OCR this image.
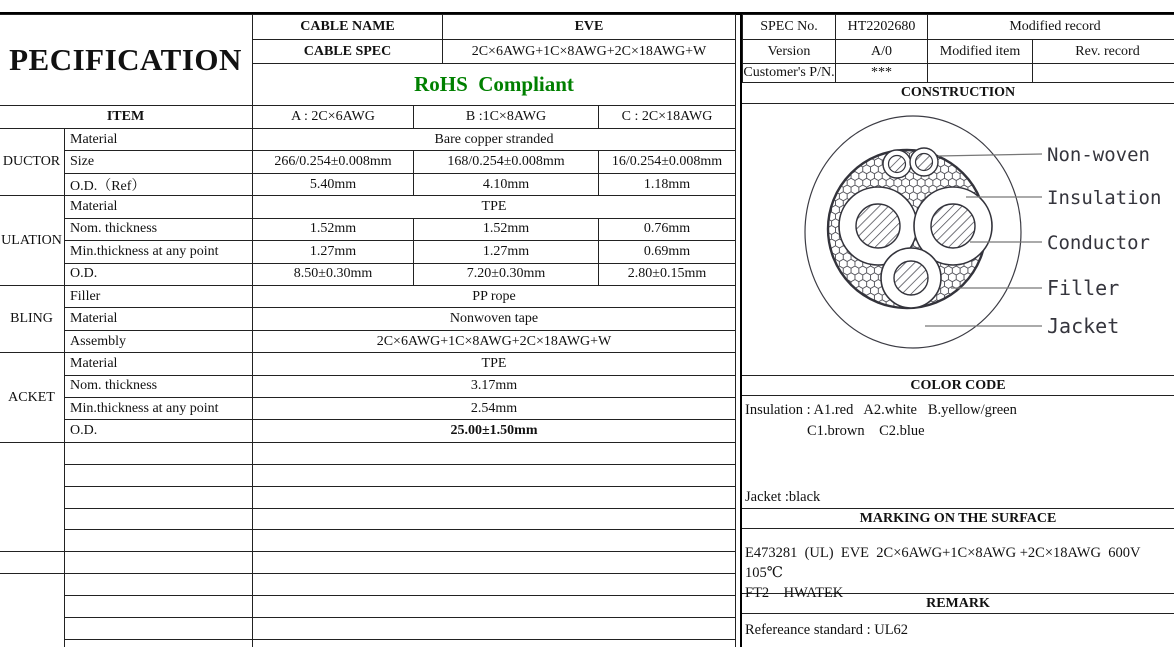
PECIFICATION	CABLE NAME	EVE
	CABLE SPEC	2C×6AWG+1C×8AWG+2C×18AWG+W
	RoHS  Compliant	
ITEM		A : 2C×6AWG	B :1C×8AWG	C : 2C×18AWG
DUCTOR	Material	Bare copper stranded		
	Size	266/0.254±0.008mm	168/0.254±0.008mm	16/0.254±0.008mm
	O.D.（Ref）	5.40mm	4.10mm	1.18mm
ULATION	Material	TPE		
	Nom. thickness	1.52mm	1.52mm	0.76mm
	Min.thickness at any point	1.27mm	1.27mm	0.69mm
	O.D.	8.50±0.30mm	7.20±0.30mm	2.80±0.15mm
BLING	Filler	PP rope		
	Material	Nonwoven tape		
	Assembly	2C×6AWG+1C×8AWG+2C×18AWG+W		
ACKET	Material	TPE		
	Nom. thickness	3.17mm		
	Min.thickness at any point	2.54mm		
	O.D.	25.00±1.50mm		

SPEC No.	HT2202680	Modified record	
Version	A/0	Modified item	Rev. record
Customer's P/N.	***		
CONSTRUCTION
Non-woven
Insulation
Conductor
Filler
Jacket
COLOR CODE
Insulation : A1.red   A2.white   B.yellow/green
C1.brown    C2.blue
Jacket :black
MARKING ON THE SURFACE
E473281  (UL)  EVE  2C×6AWG+1C×8AWG +2C×18AWG  600V 105℃
FT2    HWATEK
REMARK
Refereance standard : UL62
